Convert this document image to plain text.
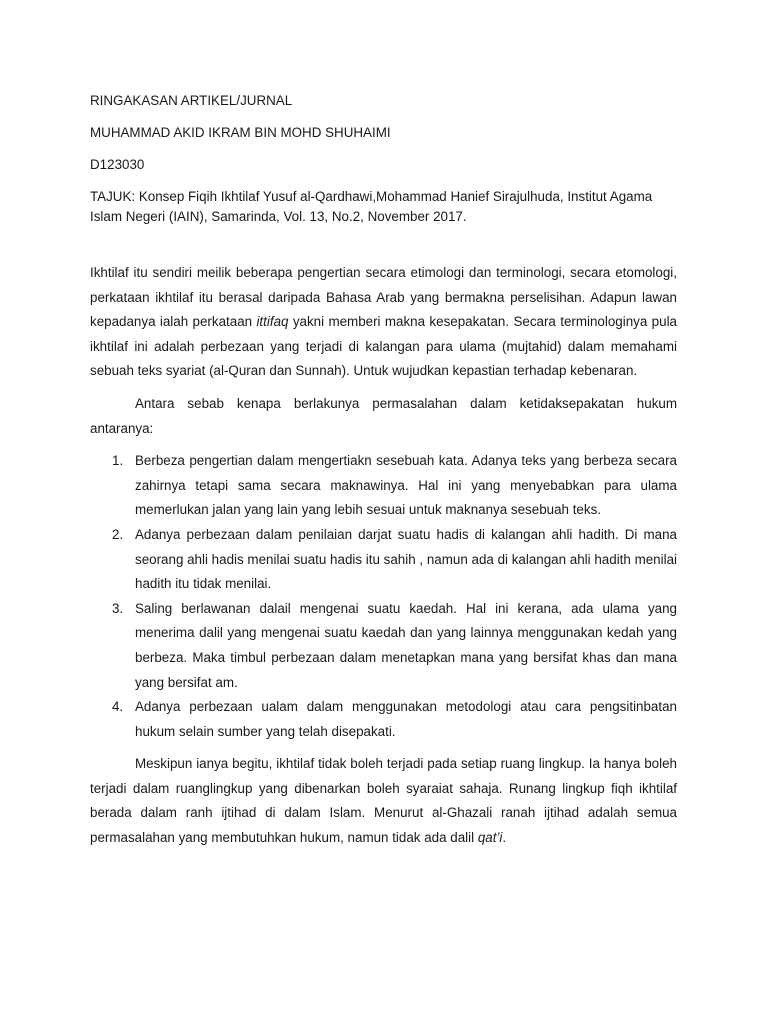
RINGAKASAN ARTIKEL/JURNAL
MUHAMMAD AKID IKRAM BIN MOHD SHUHAIMI
D123030
TAJUK: Konsep Fiqih Ikhtilaf Yusuf al-Qardhawi,Mohammad Hanief Sirajulhuda, Institut Agama Islam Negeri (IAIN), Samarinda, Vol. 13, No.2, November 2017.

Ikhtilaf itu sendiri meilik beberapa pengertian secara etimologi dan terminologi, secara etomologi, perkataan ikhtilaf itu berasal daripada Bahasa Arab yang bermakna perselisihan. Adapun lawan kepadanya ialah perkataan ittifaq yakni memberi makna kesepakatan. Secara terminologinya pula ikhtilaf ini adalah perbezaan yang terjadi di kalangan para ulama (mujtahid) dalam memahami sebuah teks syariat (al-Quran dan Sunnah). Untuk wujudkan kepastian terhadap kebenaran.

Antara sebab kenapa berlakunya permasalahan dalam ketidaksepakatan hukum antaranya:

1. Berbeza pengertian dalam mengertiakn sesebuah kata. Adanya teks yang berbeza secara zahirnya tetapi sama secara maknawinya. Hal ini yang menyebabkan para ulama memerlukan jalan yang lain yang lebih sesuai untuk maknanya sesebuah teks.
2. Adanya perbezaan dalam penilaian darjat suatu hadis di kalangan ahli hadith. Di mana seorang ahli hadis menilai suatu hadis itu sahih , namun ada di kalangan ahli hadith menilai hadith itu tidak menilai.
3. Saling berlawanan dalail mengenai suatu kaedah. Hal ini kerana, ada ulama yang menerima dalil yang mengenai suatu kaedah dan yang lainnya menggunakan kedah yang berbeza. Maka timbul perbezaan dalam menetapkan mana yang bersifat khas dan mana yang bersifat am.
4. Adanya perbezaan ualam dalam menggunakan metodologi atau cara pengsitinbatan hukum selain sumber yang telah disepakati.

Meskipun ianya begitu, ikhtilaf tidak boleh terjadi pada setiap ruang lingkup. Ia hanya boleh terjadi dalam ruanglingkup yang dibenarkan boleh syaraiat sahaja. Runang lingkup fiqh ikhtilaf berada dalam ranh ijtihad di dalam Islam. Menurut al-Ghazali ranah ijtihad adalah semua permasalahan yang membutuhkan hukum, namun tidak ada dalil qat’i.
